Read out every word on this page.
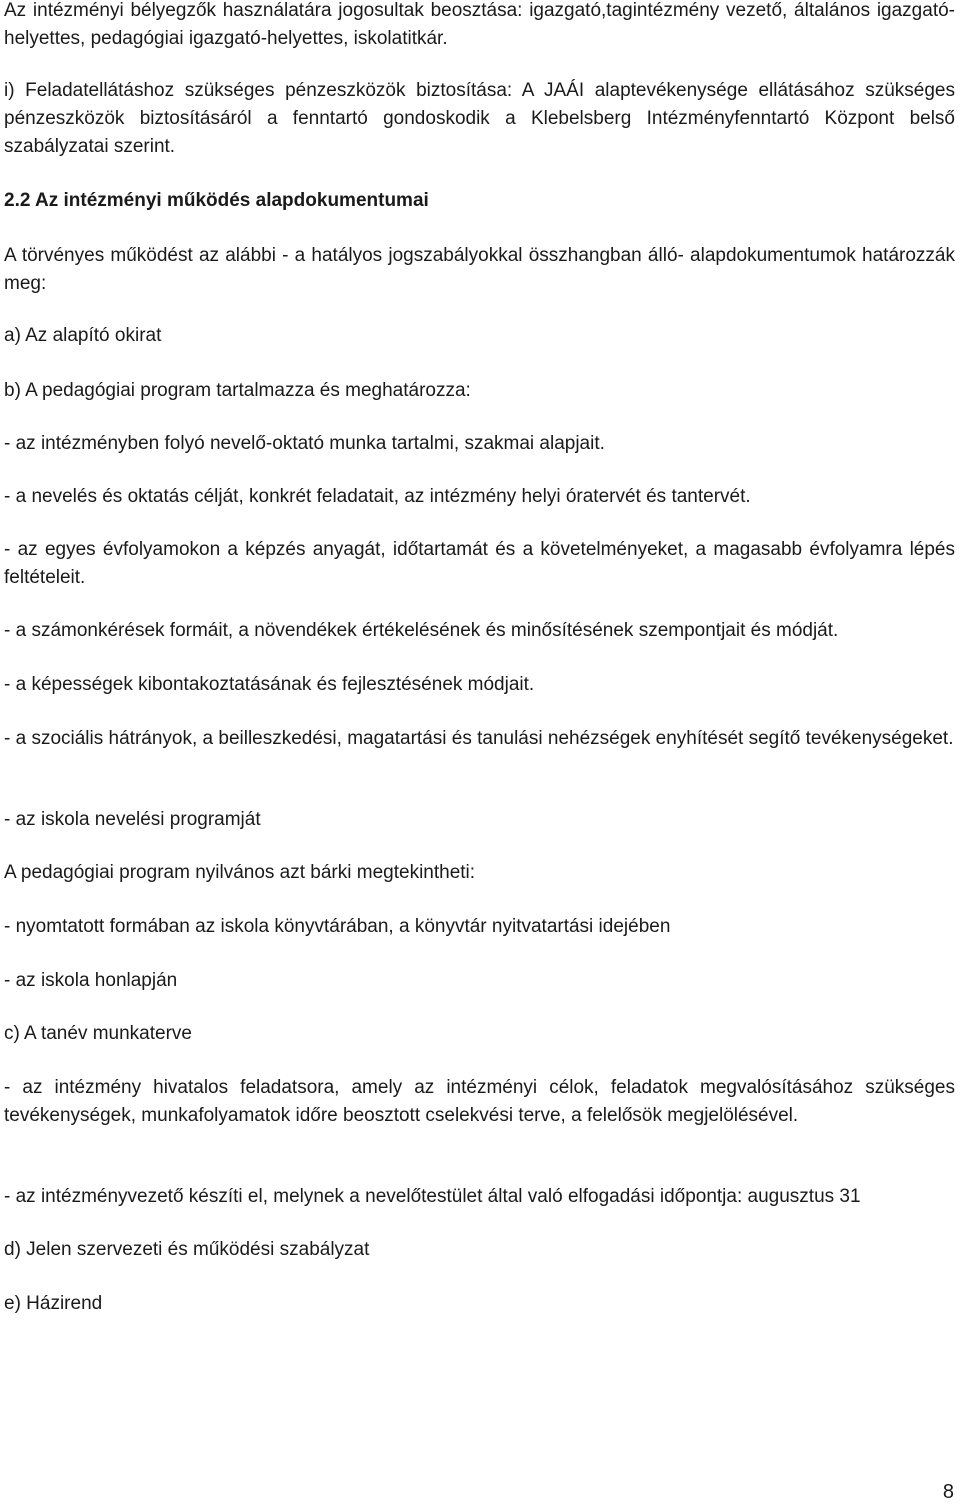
Az intézményi bélyegzők használatára jogosultak beosztása: igazgató,tagintézmény vezető, általános igazgató-helyettes, pedagógiai igazgató-helyettes, iskolatitkár.

i) Feladatellátáshoz szükséges pénzeszközök biztosítása: A JAÁI alaptevékenysége ellátásához szükséges pénzeszközök biztosításáról a fenntartó gondoskodik a Klebelsberg Intézményfenntartó Központ belső szabályzatai szerint.

2.2 Az intézményi működés alapdokumentumai

A törvényes működést az alábbi - a hatályos jogszabályokkal összhangban álló- alapdokumentumok határozzák meg:

a) Az alapító okirat

b) A pedagógiai program tartalmazza és meghatározza:

- az intézményben folyó nevelő-oktató munka tartalmi, szakmai alapjait.

- a nevelés és oktatás célját, konkrét feladatait, az intézmény helyi óratervét és tantervét.

- az egyes évfolyamokon a képzés anyagát, időtartamát és a követelményeket, a magasabb évfolyamra lépés feltételeit.

- a számonkérések formáit, a növendékek értékelésének és minősítésének szempontjait és módját.

- a képességek kibontakoztatásának és fejlesztésének módjait.

- a szociális hátrányok, a beilleszkedési, magatartási és tanulási nehézségek enyhítését segítő tevékenységeket.

- az iskola nevelési programját

A pedagógiai program nyilvános azt bárki megtekintheti:

- nyomtatott formában az iskola könyvtárában, a könyvtár nyitvatartási idejében

- az iskola honlapján

c) A tanév munkaterve

- az intézmény hivatalos feladatsora, amely az intézményi célok, feladatok megvalósításához szükséges tevékenységek, munkafolyamatok időre beosztott cselekvési terve, a felelősök megjelölésével.

- az intézményvezető készíti el, melynek a nevelőtestület által való elfogadási időpontja: augusztus 31

d) Jelen szervezeti és működési szabályzat

e) Házirend

8
